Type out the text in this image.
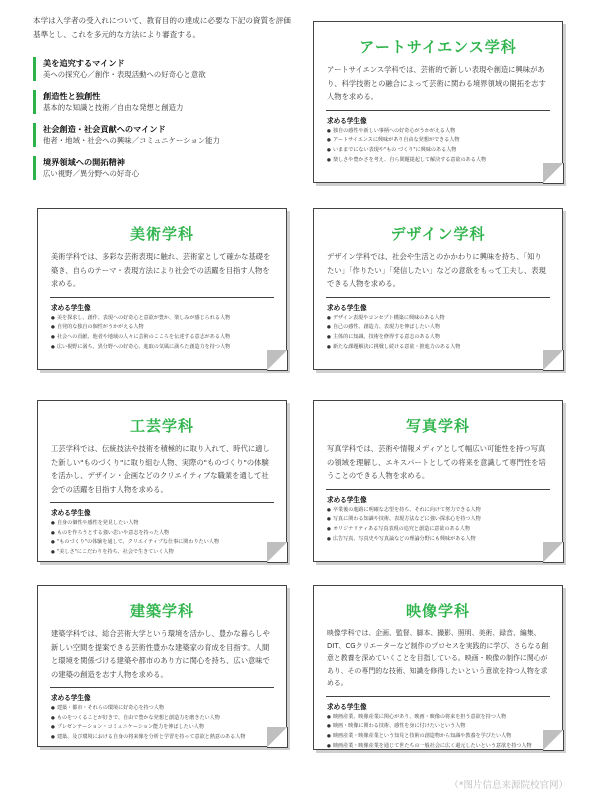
本学は入学者の受入れについて、教育目的の達成に必要な下記の資質を評価基準とし、これを多元的な方法により審査する。
美を追究するマインド
美への探究心／創作・表現活動への好奇心と意欲
創造性と独創性
基本的な知識と技術／自由な発想と創造力
社会創造・社会貢献へのマインド
他者・地域・社会への興味／コミュニケーション能力
境界領域への開拓精神
広い視野／異分野への好奇心
アートサイエンス学科
アートサイエンス学科では、芸術的で新しい表現や創造に興味があり、科学技術との融合によって芸術に関わる境界領域の開拓を志す人物を求める。
求める学生像
● 独自の感性や新しい事柄への好奇心がうかがえる人物
● アートサイエンスに興味があり自由な発想ができる人物
● いままでにない表現や"もの づくり"に興味のある人物
● 楽しさや豊かさを考え、自ら問題提起して解決する意欲のある人物
美術学科
美術学科では、多彩な芸術表現に触れ、芸術家として確かな基礎を築き、自らのテーマ・表現方法により社会での活躍を目指す人物を求める。
求める学生像
● 美を探求し、創作、表現への好奇心と意欲が豊か、楽しみが感じられる人物
● 自発的な独自の個性がうかがえる人物
● 社会への貢献、他者や地域の人々に芸術のこころを伝達する意志がある人物
● 広い視野に満ち、異分野への好奇心、進取の気風に満ちた創造力を持つ人物
デザイン学科
デザイン学科では、社会や生活とのかかわりに興味を持ち、「知りたい」「作りたい」「発信したい」などの意欲をもって工夫し、表現できる人物を求める。
求める学生像
● デザイン表現やコンセプト構築に興味のある人物
● 自己の感性、創造力、表現力を伸ばしたい人物
● 主体的に知識、技術を修得する意志のある人物
● 新たな課題解決に挑戦し続ける意欲・推進力のある人物
工芸学科
工芸学科では、伝統技法や技術を積極的に取り入れて、時代に適した新しい"ものづくり"に取り組む人物、実際の"ものづくり"の体験を活かし、デザイン・企画などのクリエイティブな職業を通して社会での活躍を目指す人物を求める。
求める学生像
● 自身の個性や感性を発見したい人物
● ものを作ろうとする強い思いや意志を持った人物
● "ものづくり"の体験を通して、クリエイティブな仕事に関わりたい人物
● "美しさ"にこだわりを持ち、社会で生きていく人物
写真学科
写真学科では、芸術や情報メディアとして幅広い可能性を持つ写真の領域を理解し、エキスパートとしての将来を意識して専門性を培うことのできる人物を求める。
求める学生像
● 卒業後の進路に明確な志望を持ち、それに向けて努力できる人物
● 写真に関わる知識や技術、表現方法などに強い探求心を持つ人物
● オリジナリティある写真表現の追究と創造に意欲のある人物
● 広告写真、写真史や写真論などの理論分野にも興味がある人物
建築学科
建築学科では、総合芸術大学という環境を活かし、豊かな暮らしや新しい空間を提案できる芸術性豊かな建築家の育成を目指す。人間と環境を関係づける建築や都市のあり方に関心を持ち、広い意味での建築の創造を志す人物を求める。
求める学生像
● 建築・都市・それらの環境に好奇心を持つ人物
● ものをつくることが好きで、自由で豊かな発想と創造力を磨きたい人物
● プレゼンテーション・コミュニケーション能力を伸ばしたい人物
● 建築、及び環境における自身の将来像を分析と学習を持って意欲と熱意のある人物
映像学科
映像学科では、企画、監督、脚本、撮影、照明、美術、録音、編集、DIT、CGクリエーターなど制作のプロセスを実践的に学び、さらなる創意と教養を深めていくことを目指している。映画・映像の制作に関心があり、その専門的な技術、知識を修得したいという意欲を持つ人物を求める。
求める学生像
● 映画産業、映像産業に関心があり、映画・映像の将来を担う意欲を持つ人物
● 映画・映像に関わる技術、感性を身に付けたいという人物
● 映画産業・映像産業という知見と技術の創造物から知識や教養を学びたい人物
● 映画産業・映像産業を通じて世たちの一般社会に広く還元したいという意欲を持つ人物
（*图片信息来源院校官网）
